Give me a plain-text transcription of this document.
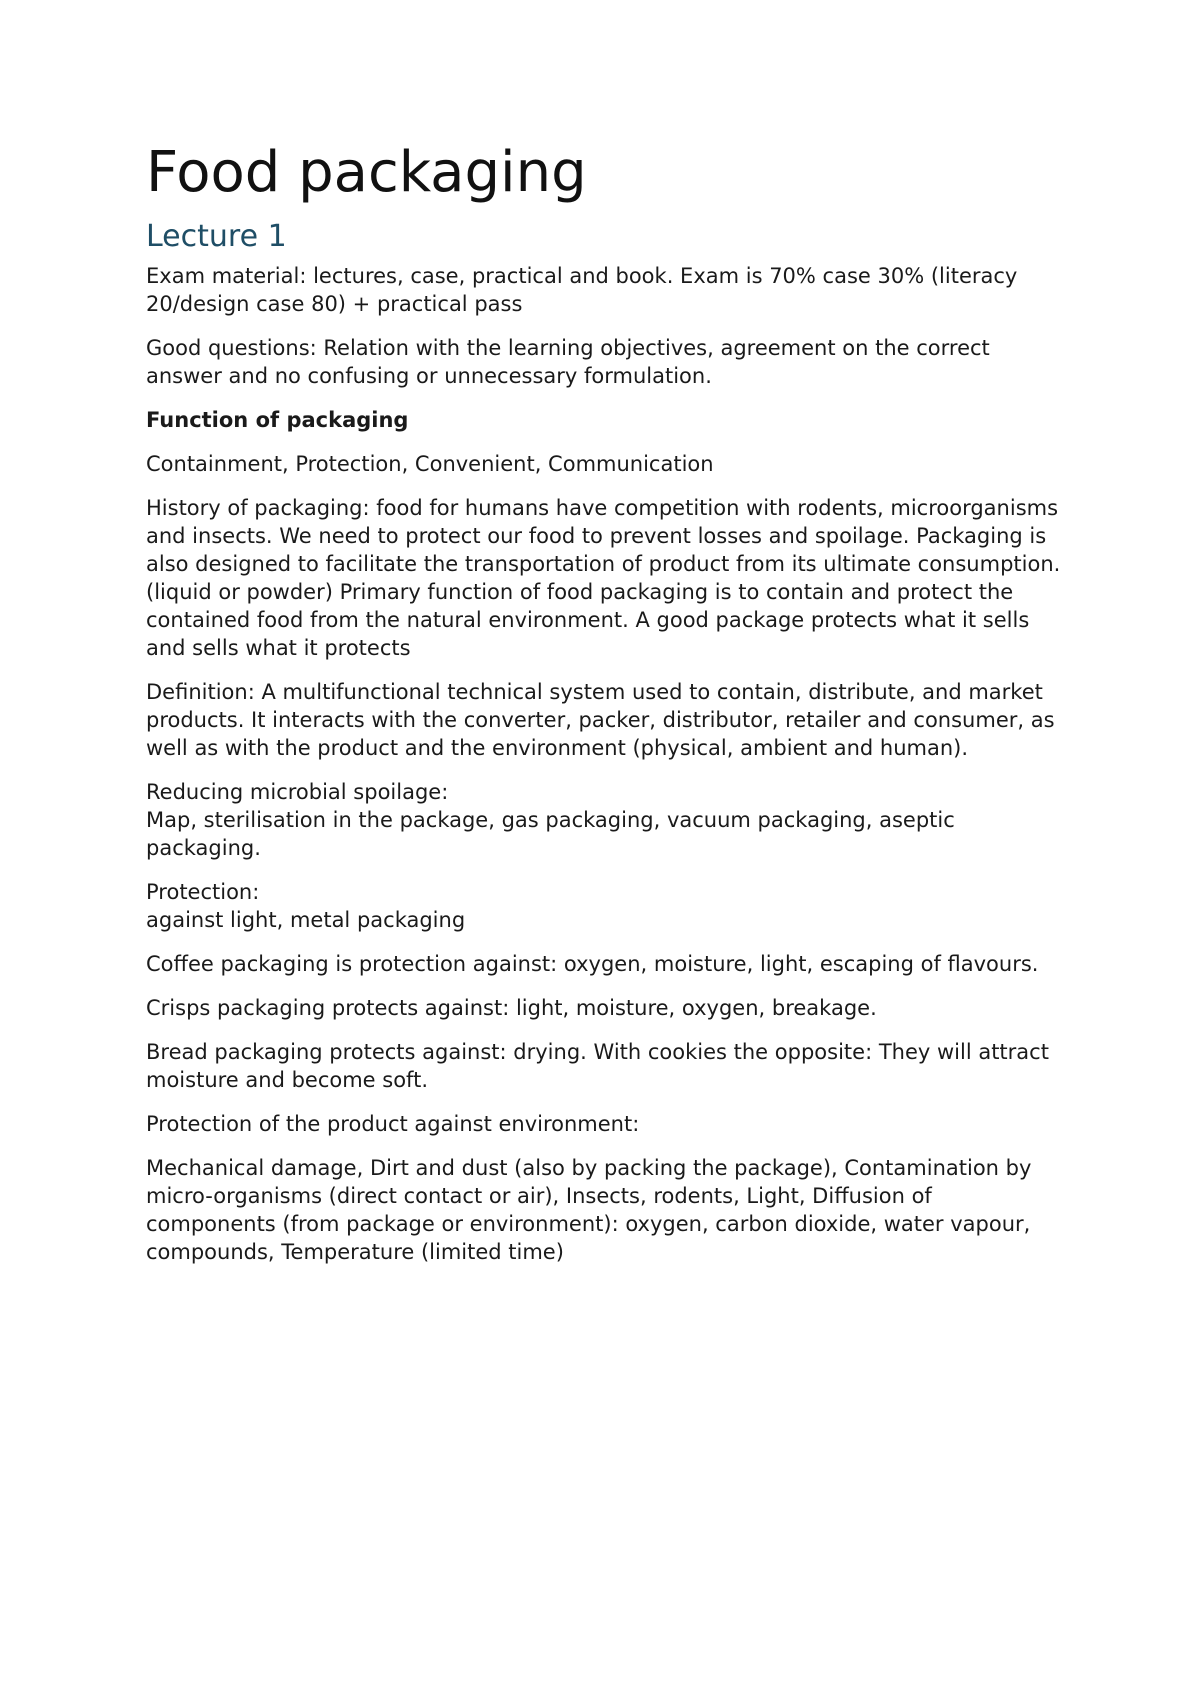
Food packaging
Lecture 1

Exam material: lectures, case, practical and book. Exam is 70% case 30% (literacy 20/design case 80) + practical pass

Good questions: Relation with the learning objectives, agreement on the correct answer and no confusing or unnecessary formulation.

Function of packaging

Containment, Protection, Convenient, Communication

History of packaging: food for humans have competition with rodents, microorganisms and insects. We need to protect our food to prevent losses and spoilage. Packaging is also designed to facilitate the transportation of product from its ultimate consumption. (liquid or powder) Primary function of food packaging is to contain and protect the contained food from the natural environment. A good package protects what it sells and sells what it protects

Definition: A multifunctional technical system used to contain, distribute, and market products. It interacts with the converter, packer, distributor, retailer and consumer, as well as with the product and the environment (physical, ambient and human).

Reducing microbial spoilage:
Map, sterilisation in the package, gas packaging, vacuum packaging, aseptic packaging.

Protection:
against light, metal packaging

Coffee packaging is protection against: oxygen, moisture, light, escaping of flavours.

Crisps packaging protects against: light, moisture, oxygen, breakage.

Bread packaging protects against: drying. With cookies the opposite: They will attract moisture and become soft.

Protection of the product against environment:

Mechanical damage, Dirt and dust (also by packing the package), Contamination by micro-organisms (direct contact or air), Insects, rodents, Light, Diffusion of components (from package or environment): oxygen, carbon dioxide, water vapour, compounds, Temperature (limited time)
